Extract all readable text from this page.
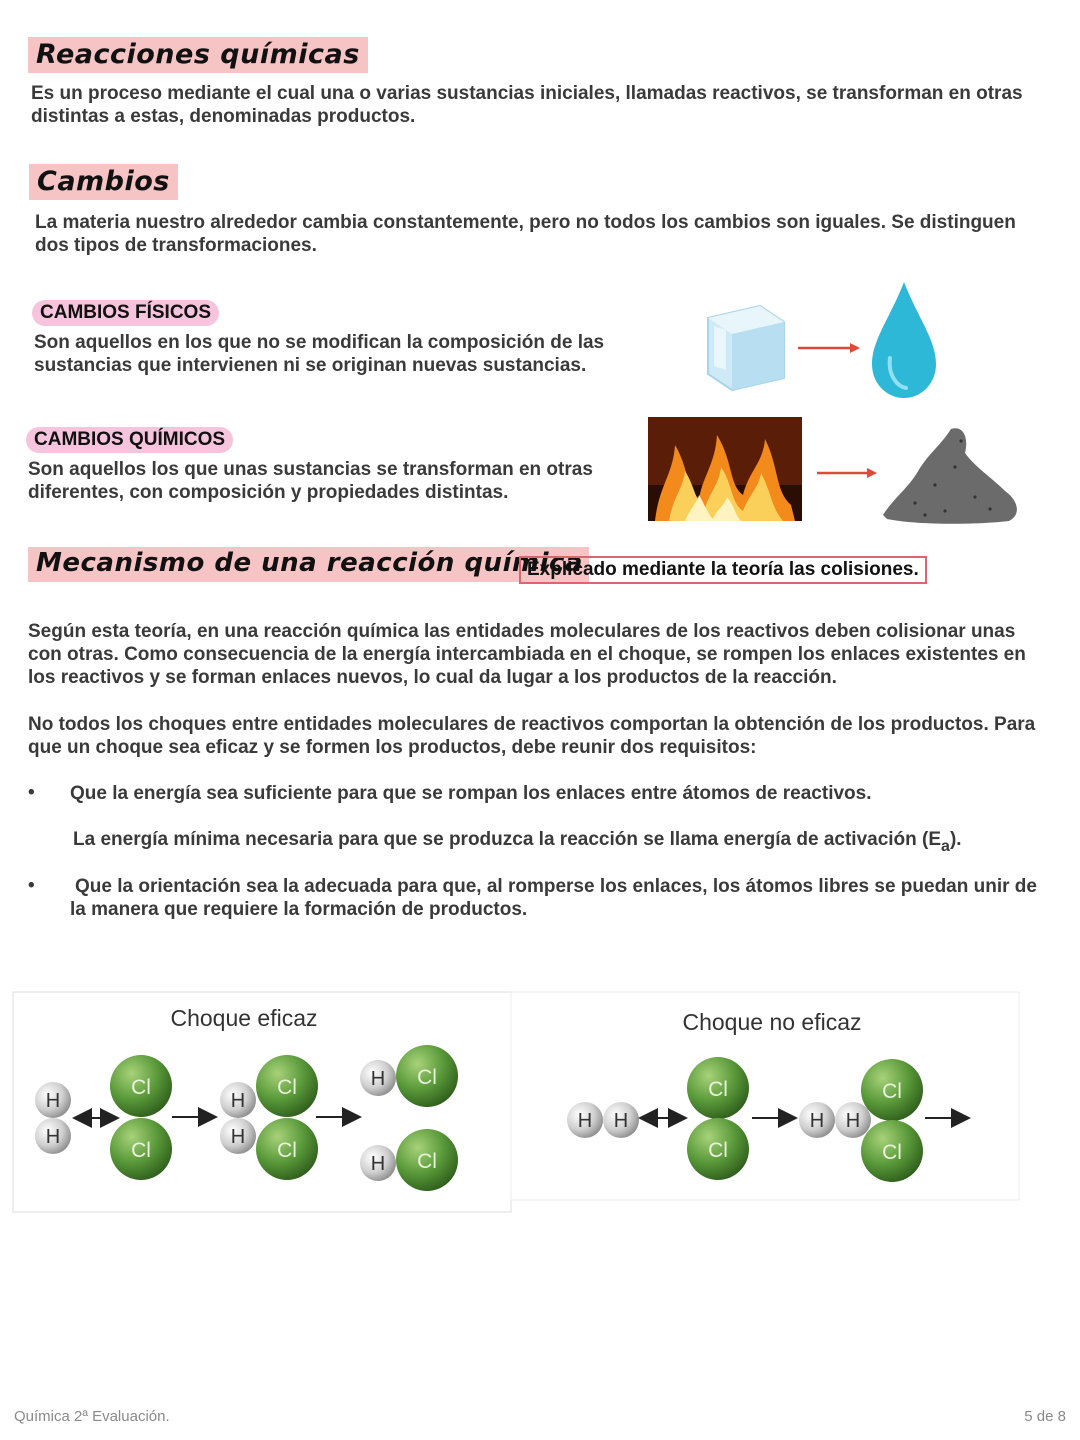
Reacciones químicas
Es un proceso mediante el cual una o varias sustancias iniciales, llamadas reactivos, se transforman en otras distintas a estas, denominadas productos.
Cambios
La materia nuestro alrededor cambia constantemente, pero no todos los cambios son iguales. Se distinguen dos tipos de transformaciones.
CAMBIOS FÍSICOS
Son aquellos en los que no se modifican la composición de las sustancias que intervienen ni se originan nuevas sustancias.
CAMBIOS QUÍMICOS
Son aquellos los que unas sustancias se transforman en otras diferentes, con composición y propiedades distintas.
Mecanismo de una reacción química
Explicado mediante la teoría las colisiones.
Según esta teoría, en una reacción química las entidades moleculares de los reactivos deben colisionar unas con otras. Como consecuencia de la energía intercambiada en el choque, se rompen los enlaces existentes en los reactivos y se forman enlaces nuevos, lo cual da lugar a los productos de la reacción.
No todos los choques entre entidades moleculares de reactivos comportan la obtención de los productos. Para que un choque sea eficaz y se formen los productos, debe reunir dos requisitos:
• Que la energía sea suficiente para que se rompan los enlaces entre átomos de reactivos.
La energía mínima necesaria para que se produzca la reacción se llama energía de activación $(E_a)$.
• Que la orientación sea la adecuada para que, al romperse los enlaces, los átomos libres se puedan unir de la manera que requiere la formación de productos.
Choque eficaz	Choque no eficaz
H
H
Cl
Cl
H
H
Cl
Cl
H Cl
H Cl
H H
Cl
Cl
H H
Cl
Cl
Química 2ª Evaluación.	5 de 8
